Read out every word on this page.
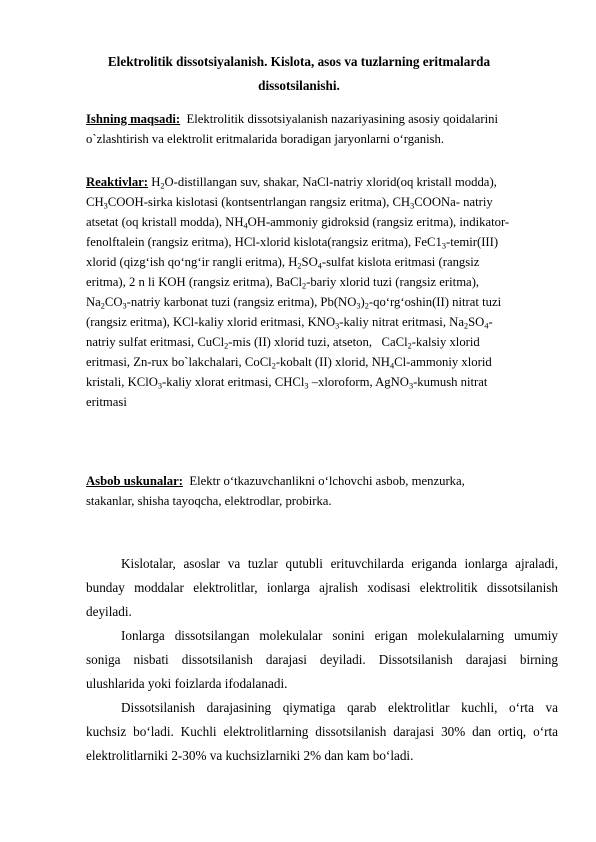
Elektrolitik dissotsiyalanish. Kislota, asos va tuzlarning eritmalarda
dissotsilanishi.
Ishning maqsadi:  Elektrolitik dissotsiyalanish nazariyasining asosiy qoidalarini
o`zlashtirish va elektrolit eritmalarida boradigan jaryonlarni o‘rganish.
Reaktivlar: $H_2O$-distillangan suv, shakar, NaCl-natriy xlorid(oq kristall modda),
$CH_3COOH$-sirka kislotasi (kontsentrlangan rangsiz eritma), $CH_3COONa-$ natriy
atsetat (oq kristall modda), $NH_4OH$-ammoniy gidroksid (rangsiz eritma), indikator-
fenolftalein (rangsiz eritma), HCl-xlorid kislota(rangsiz eritma), $FeC1_3-temir(III)$
xlorid (qizg‘ish qo‘ng‘ir rangli eritma), $H_2SO_4$-sulfat kislota eritmasi (rangsiz
eritma), 2 n li KOH (rangsiz eritma), BaCl$_2$-bariy xlorid tuzi (rangsiz eritma),
$Na_2CO_3$-natriy karbonat tuzi (rangsiz eritma), $Pb(NO_3)_2-qo‘rg‘oshin(II)$ nitrat tuzi
(rangsiz eritma), KCl-kaliy xlorid eritmasi, $KNO_3$-kaliy nitrat eritmasi, $Na_2SO_4-$
natriy sulfat eritmasi, CuCl$_2$-mis (II) xlorid tuzi, atseton,   CaCl$_2$-kalsiy xlorid
eritmasi, Zn-rux bo`lakchalari, CoCl$_2$-kobalt (II) xlorid, $NH_4Cl$-ammoniy xlorid
kristali, KClO$_3$-kaliy xlorat eritmasi, CHCl$_3$ –xloroform, AgNO$_3$-kumush nitrat
eritmasi
Asbob uskunalar:  Elektr o‘tkazuvchanlikni o‘lchovchi asbob, menzurka,
stakanlar, shisha tayoqcha, elektrodlar, probirka.
Kislotalar, asoslar va tuzlar qutubli erituvchilarda eriganda ionlarga ajraladi,
bunday moddalar elektrolitlar, ionlarga ajralish xodisasi elektrolitik dissotsilanish
deyiladi.
Ionlarga dissotsilangan molekulalar sonini erigan molekulalarning umumiy
soniga nisbati dissotsilanish darajasi deyiladi. Dissotsilanish darajasi birning
ulushlarida yoki foizlarda ifodalanadi.
Dissotsilanish darajasining qiymatiga qarab elektrolitlar kuchli, o‘rta va
kuchsiz bo‘ladi. Kuchli elektrolitlarning dissotsilanish darajasi 30% dan ortiq, o‘rta
elektrolitlarniki 2-30% va kuchsizlarniki 2% dan kam bo‘ladi.
